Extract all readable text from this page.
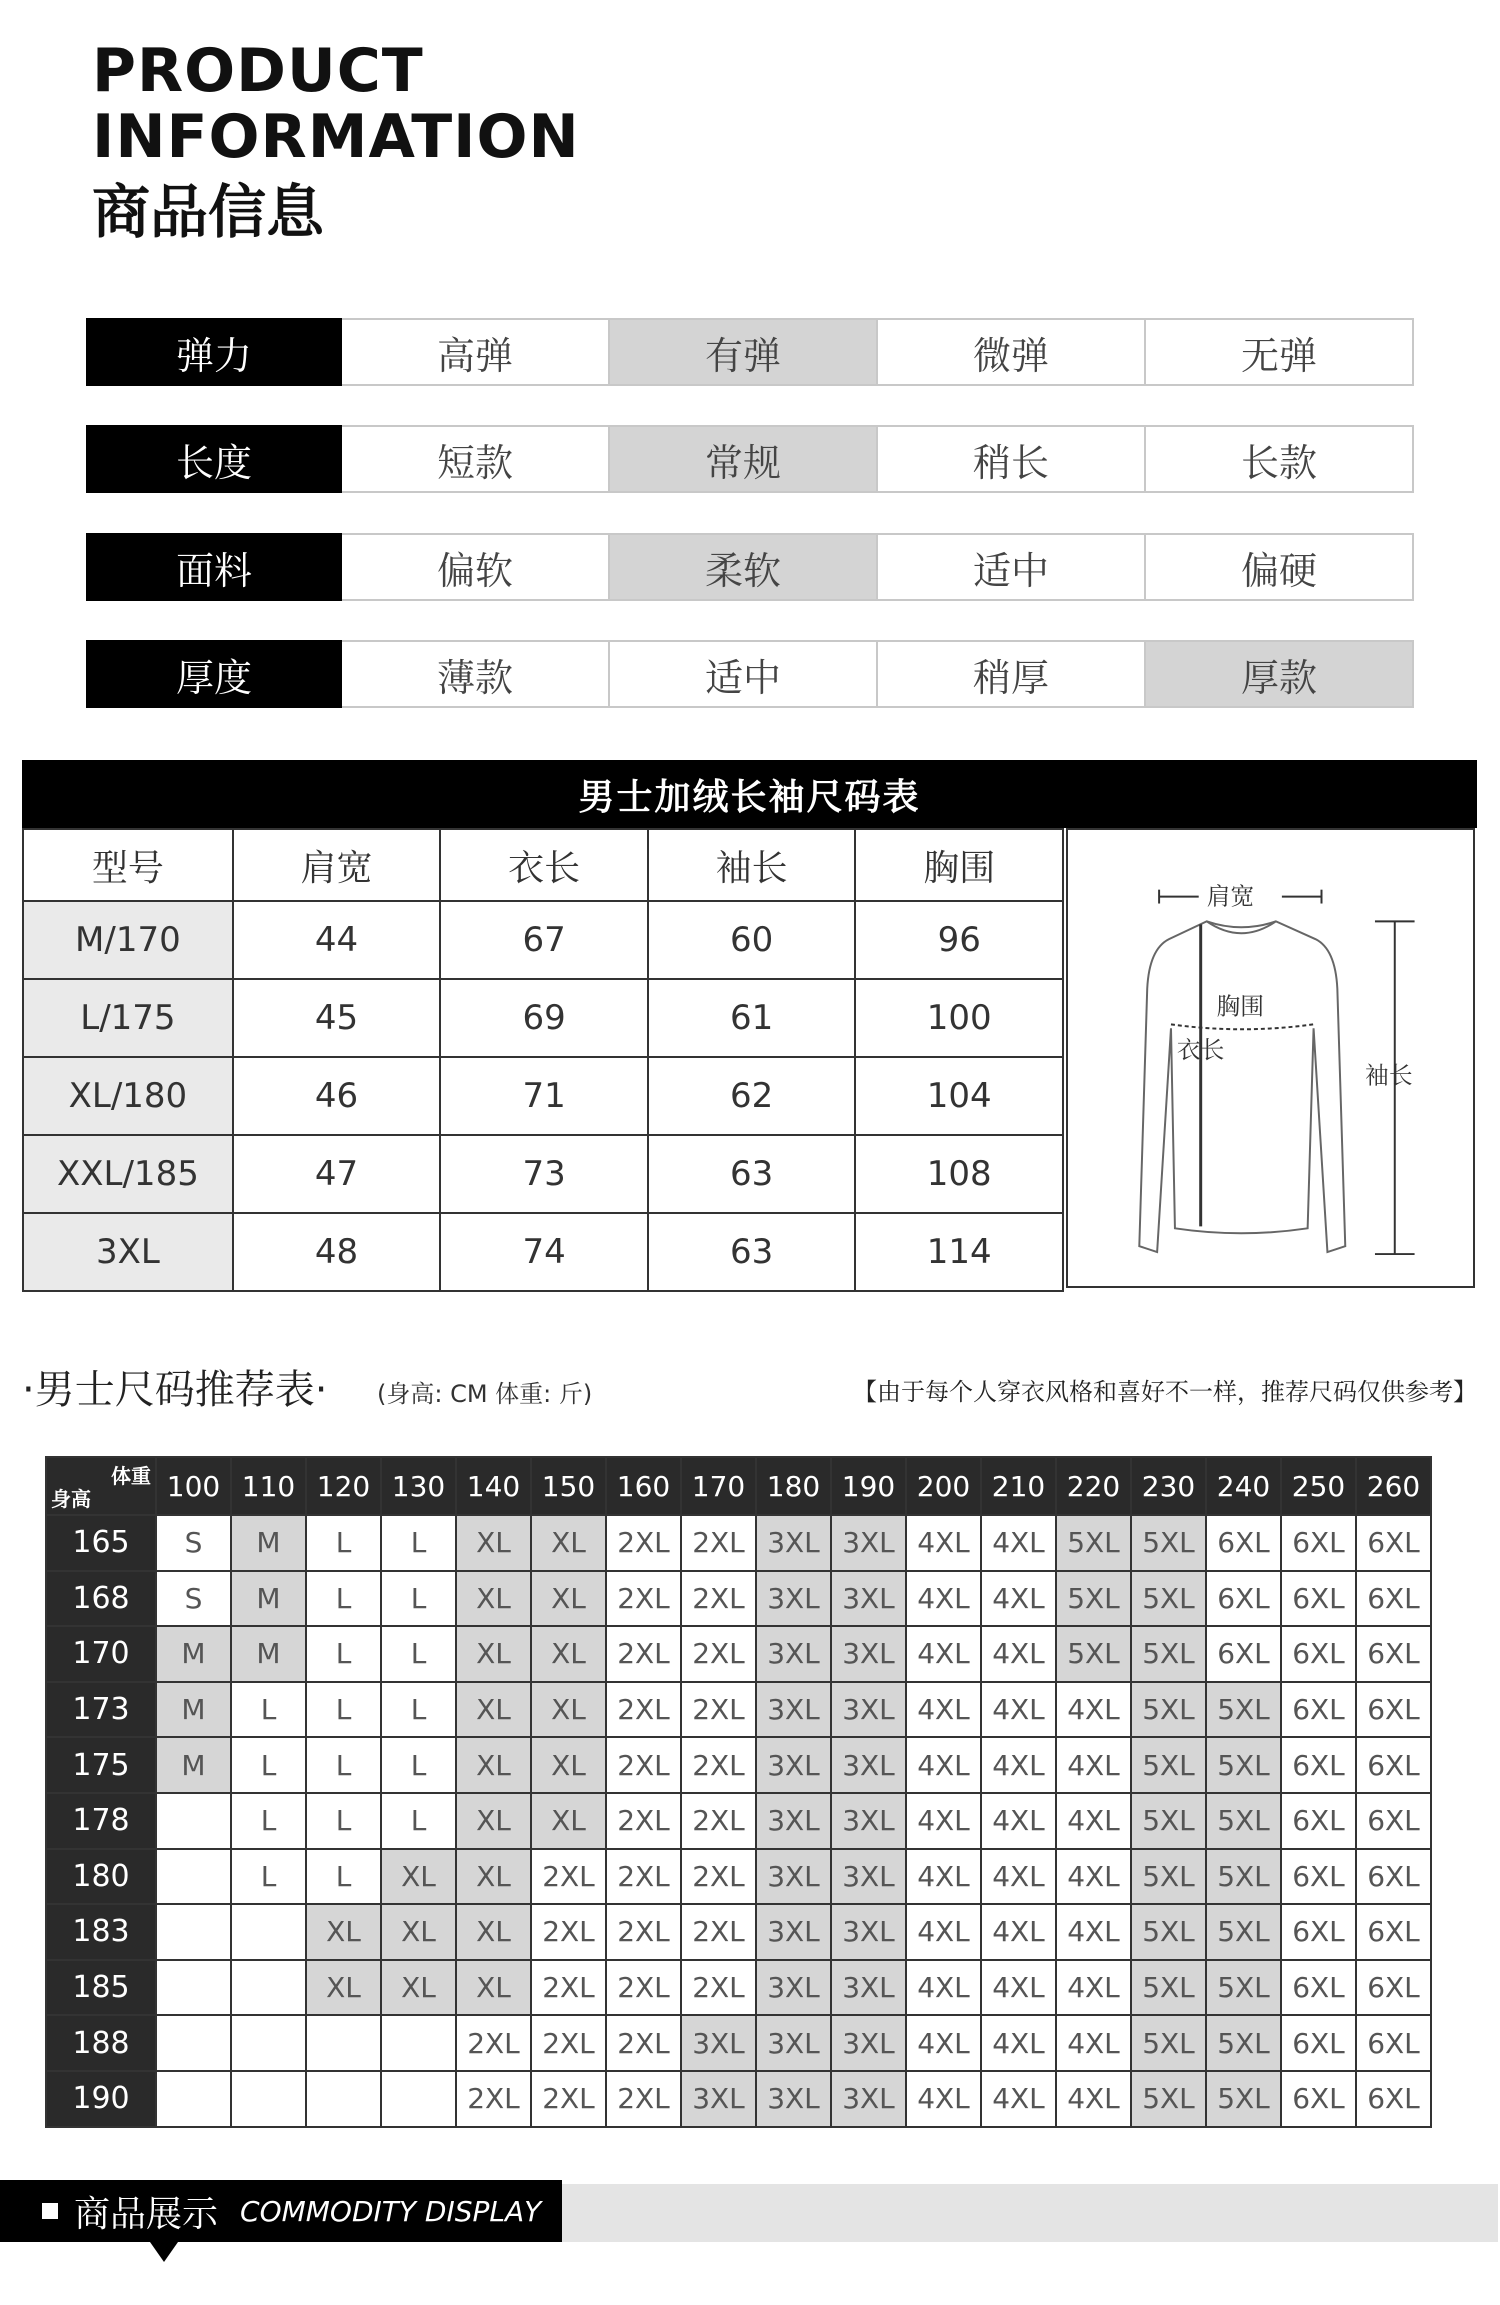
PRODUCT
INFORMATION
商品信息
弹力	高弹	有弹	微弹	无弹
长度	短款	常规	稍长	长款
面料	偏软	柔软	适中	偏硬
厚度	薄款	适中	稍厚	厚款
男士加绒长袖尺码表
型号	肩宽	衣长	袖长	胸围
M/170	44	67	60	96
L/175	45	69	61	100
XL/180	46	71	62	104
XXL/185	47	73	63	108
3XL	48	74	63	114
肩宽
衣长
胸围
袖长
·男士尺码推荐表· (身高: CM 体重: 斤)	【由于每个人穿衣风格和喜好不一样，推荐尺码仅供参考】
体重
身高	100	110	120	130	140	150	160	170	180	190	200	210	220	230	240	250	260
165	S	M	L	L	XL	XL	2XL	2XL	3XL	3XL	4XL	4XL	5XL	5XL	6XL	6XL	6XL
168	S	M	L	L	XL	XL	2XL	2XL	3XL	3XL	4XL	4XL	5XL	5XL	6XL	6XL	6XL
170	M	M	L	L	XL	XL	2XL	2XL	3XL	3XL	4XL	4XL	5XL	5XL	6XL	6XL	6XL
173	M	L	L	L	XL	XL	2XL	2XL	3XL	3XL	4XL	4XL	4XL	5XL	5XL	6XL	6XL
175	M	L	L	L	XL	XL	2XL	2XL	3XL	3XL	4XL	4XL	4XL	5XL	5XL	6XL	6XL
178		L	L	L	XL	XL	2XL	2XL	3XL	3XL	4XL	4XL	4XL	5XL	5XL	6XL	6XL
180		L	L	XL	XL	2XL	2XL	2XL	3XL	3XL	4XL	4XL	4XL	5XL	5XL	6XL	6XL
183			XL	XL	XL	2XL	2XL	2XL	3XL	3XL	4XL	4XL	4XL	5XL	5XL	6XL	6XL
185			XL	XL	XL	2XL	2XL	2XL	3XL	3XL	4XL	4XL	4XL	5XL	5XL	6XL	6XL
188					2XL	2XL	2XL	3XL	3XL	3XL	4XL	4XL	4XL	5XL	5XL	6XL	6XL
190					2XL	2XL	2XL	3XL	3XL	3XL	4XL	4XL	4XL	5XL	5XL	6XL	6XL
商品展示 COMMODITY DISPLAY
